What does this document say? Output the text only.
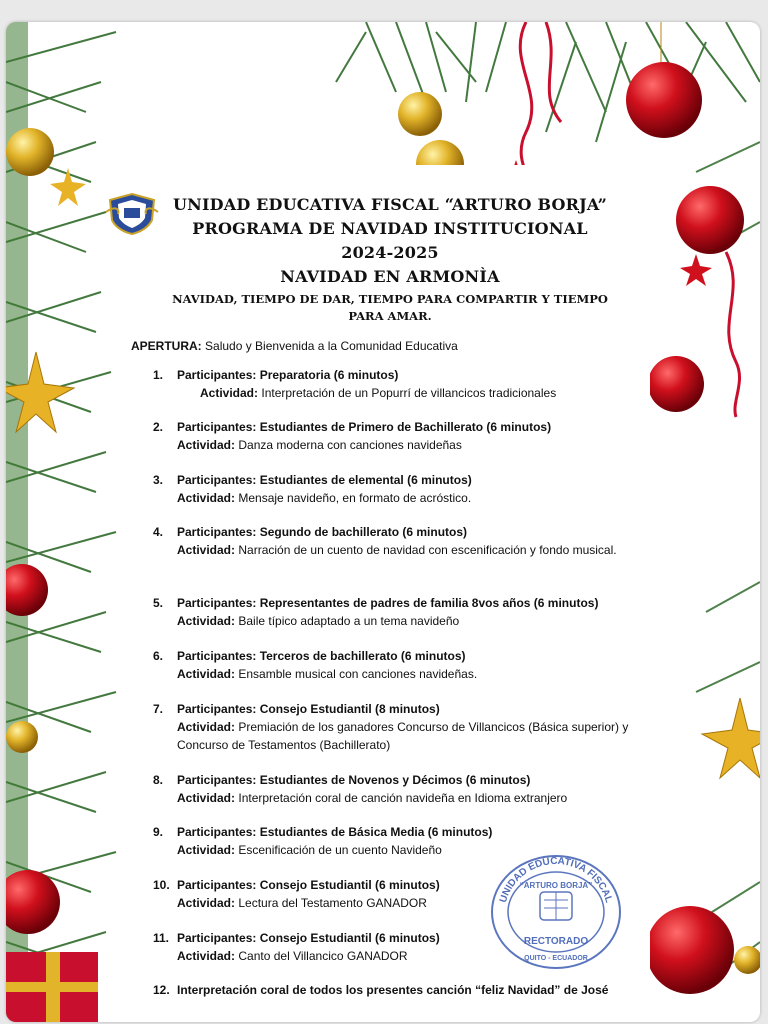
UNIDAD EDUCATIVA FISCAL “ARTURO BORJA”
PROGRAMA DE NAVIDAD INSTITUCIONAL
2024-2025
NAVIDAD EN ARMONÌA
NAVIDAD, TIEMPO DE DAR, TIEMPO PARA COMPARTIR Y TIEMPO PARA AMAR.
APERTURA: Saludo y Bienvenida a la Comunidad Educativa
1.	Participantes: Preparatoria (6 minutos)
Actividad: Interpretación de un Popurrí de villancicos tradicionales
2.	Participantes: Estudiantes de Primero de Bachillerato (6 minutos)
Actividad: Danza moderna con canciones navideñas
3.	Participantes: Estudiantes de elemental (6 minutos)
Actividad: Mensaje navideño, en formato de acróstico.
4.	Participantes: Segundo de bachillerato (6 minutos)
Actividad: Narración de un cuento de navidad con escenificación y fondo musical.
5.	Participantes: Representantes de padres de familia 8vos años (6 minutos)
Actividad: Baile típico adaptado a un tema navideño
6.	Participantes: Terceros de bachillerato (6 minutos)
Actividad: Ensamble musical con canciones navideñas.
7.	Participantes: Consejo Estudiantil (8 minutos)
Actividad: Premiación de los ganadores Concurso de Villancicos (Básica superior) y Concurso de Testamentos (Bachillerato)
8.	Participantes: Estudiantes de Novenos y Décimos (6 minutos)
Actividad: Interpretación coral de canción navideña en Idioma extranjero
9.	Participantes: Estudiantes de Básica Media (6 minutos)
Actividad: Escenificación de un cuento Navideño
10. Participantes: Consejo Estudiantil (6 minutos)
Actividad: Lectura del Testamento GANADOR
11. Participantes: Consejo Estudiantil (6 minutos)
Actividad: Canto del Villancico GANADOR
12. Interpretación coral de todos los presentes canción “feliz Navidad” de José
UNIDAD EDUCATIVA FISCAL
“ARTURO BORJA”
RECTORADO
QUITO - ECUADOR
